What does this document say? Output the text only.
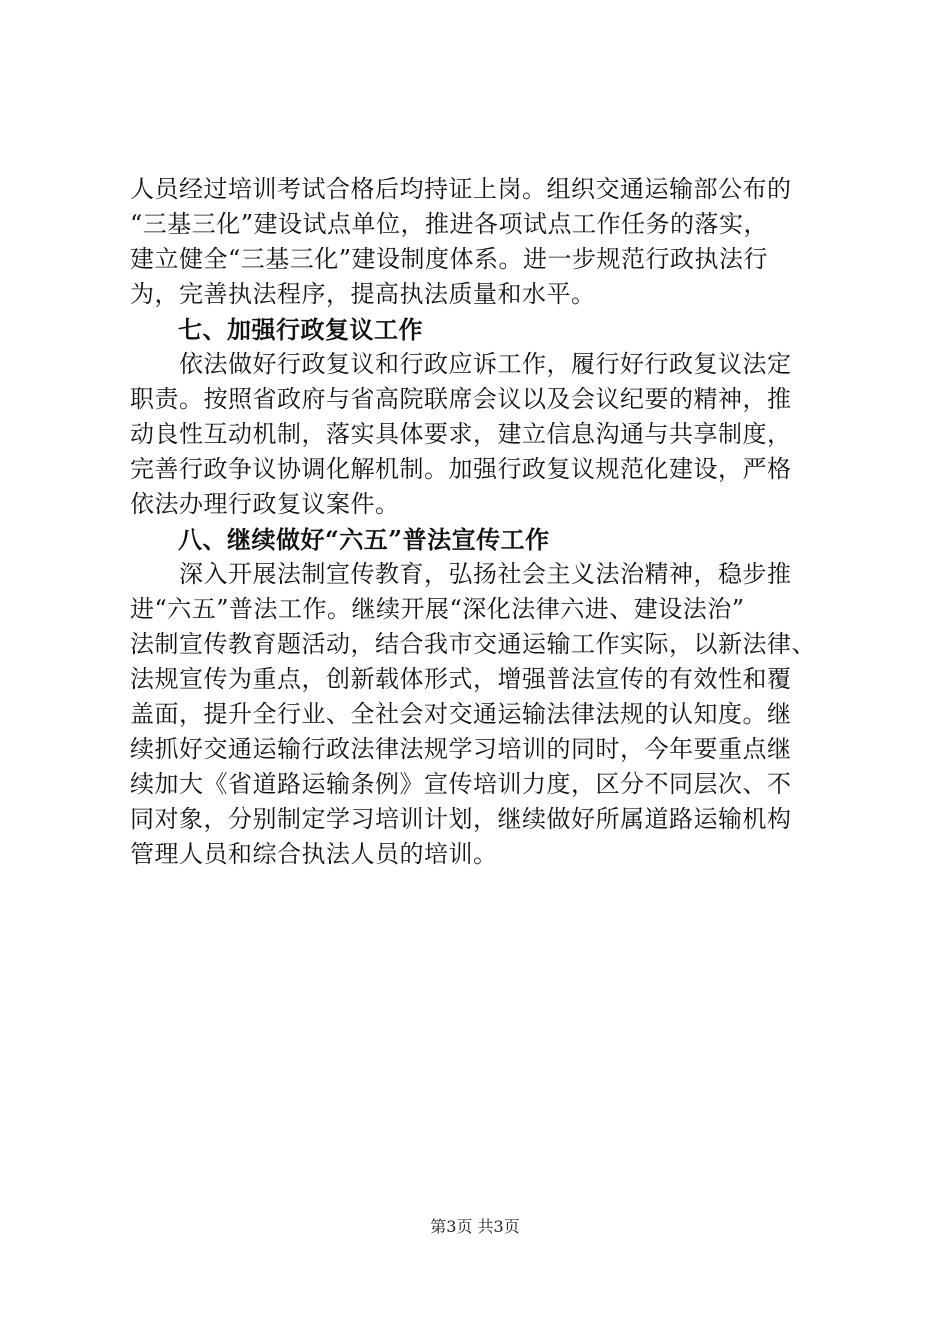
人员经过培训考试合格后均持证上岗。组织交通运输部公布的
“三基三化”建设试点单位，推进各项试点工作任务的落实，
建立健全“三基三化”建设制度体系。进一步规范行政执法行
为，完善执法程序，提高执法质量和水平。
七、加强行政复议工作
　　依法做好行政复议和行政应诉工作，履行好行政复议法定
职责。按照省政府与省高院联席会议以及会议纪要的精神，推
动良性互动机制，落实具体要求，建立信息沟通与共享制度，
完善行政争议协调化解机制。加强行政复议规范化建设，严格
依法办理行政复议案件。
八、继续做好“六五”普法宣传工作
　　深入开展法制宣传教育，弘扬社会主义法治精神，稳步推
进“六五”普法工作。继续开展“深化法律六进、建设法治”
法制宣传教育题活动，结合我市交通运输工作实际，以新法律、
法规宣传为重点，创新载体形式，增强普法宣传的有效性和覆
盖面，提升全行业、全社会对交通运输法律法规的认知度。继
续抓好交通运输行政法律法规学习培训的同时，今年要重点继
续加大《省道路运输条例》宣传培训力度，区分不同层次、不
同对象，分别制定学习培训计划，继续做好所属道路运输机构
管理人员和综合执法人员的培训。
第3页 共3页
